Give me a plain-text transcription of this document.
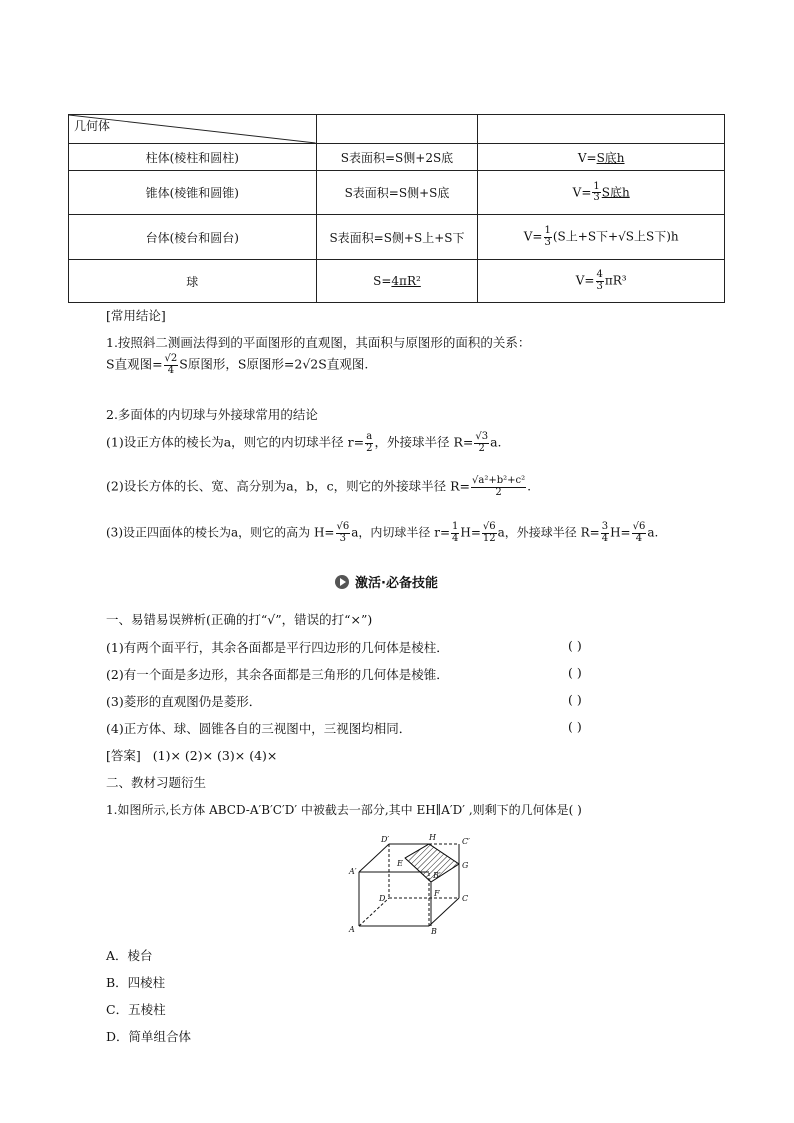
几何体		

柱体(棱柱和圆柱)	S表面积=S侧+2S底	V=S底h
锥体(棱锥和圆锥)	S表面积=S侧+S底	$V= \frac{1}{3}$ S底h
台体(棱台和圆台)	S表面积=S侧+S上+S下	$V= \frac{1}{3} (S$上+S下+√S上S下)h
球	S=4πR²	$V= \frac{4}{3} \pi R^3$
[常用结论]
1.按照斜二测画法得到的平面图形的直观图，其面积与原图形的面积的关系：
S直观图= $\frac{√2}{4}$ S原图形，S原图形=2√2S直观图.
2.多面体的内切球与外接球常用的结论
(1)设正方体的棱长为a，则它的内切球半径 $r= \frac{a}{2}$ ，外接球半径 $R= \frac{√3}{2} a$.
(2)设长方体的长、宽、高分别为a，b，c，则它的外接球半径 $R= \frac{\text{√a²+b²+c²}}{2}$ .
(3)设正四面体的棱长为a，则它的高为 $H= \frac{√6}{3}$ a，内切球半径 $r= \frac{1}{4} H= \frac{√6}{12}$ a，外接球半径 $R= \frac{3}{4} H= \frac{√6}{4} a$.
激活·必备技能
一、易错易误辨析(正确的打“√”，错误的打“×”)
(1)有两个面平行，其余各面都是平行四边形的几何体是棱柱．	( )
(2)有一个面是多边形，其余各面都是三角形的几何体是棱锥．	( )
(3)菱形的直观图仍是菱形．	( )
(4)正方体、球、圆锥各自的三视图中，三视图均相同．	( )
[答案] (1)× (2)× (3)× (4)×
二、教材习题衍生
1.如图所示,长方体 ABCD-A′B′C′D′ 中被截去一部分,其中 EH∥A′D′ ,则剩下的几何体是( )
D′	H	C′
A′
E	G
B′
D
F
C
A	B
A．棱台
B．四棱柱
C．五棱柱
D．简单组合体
